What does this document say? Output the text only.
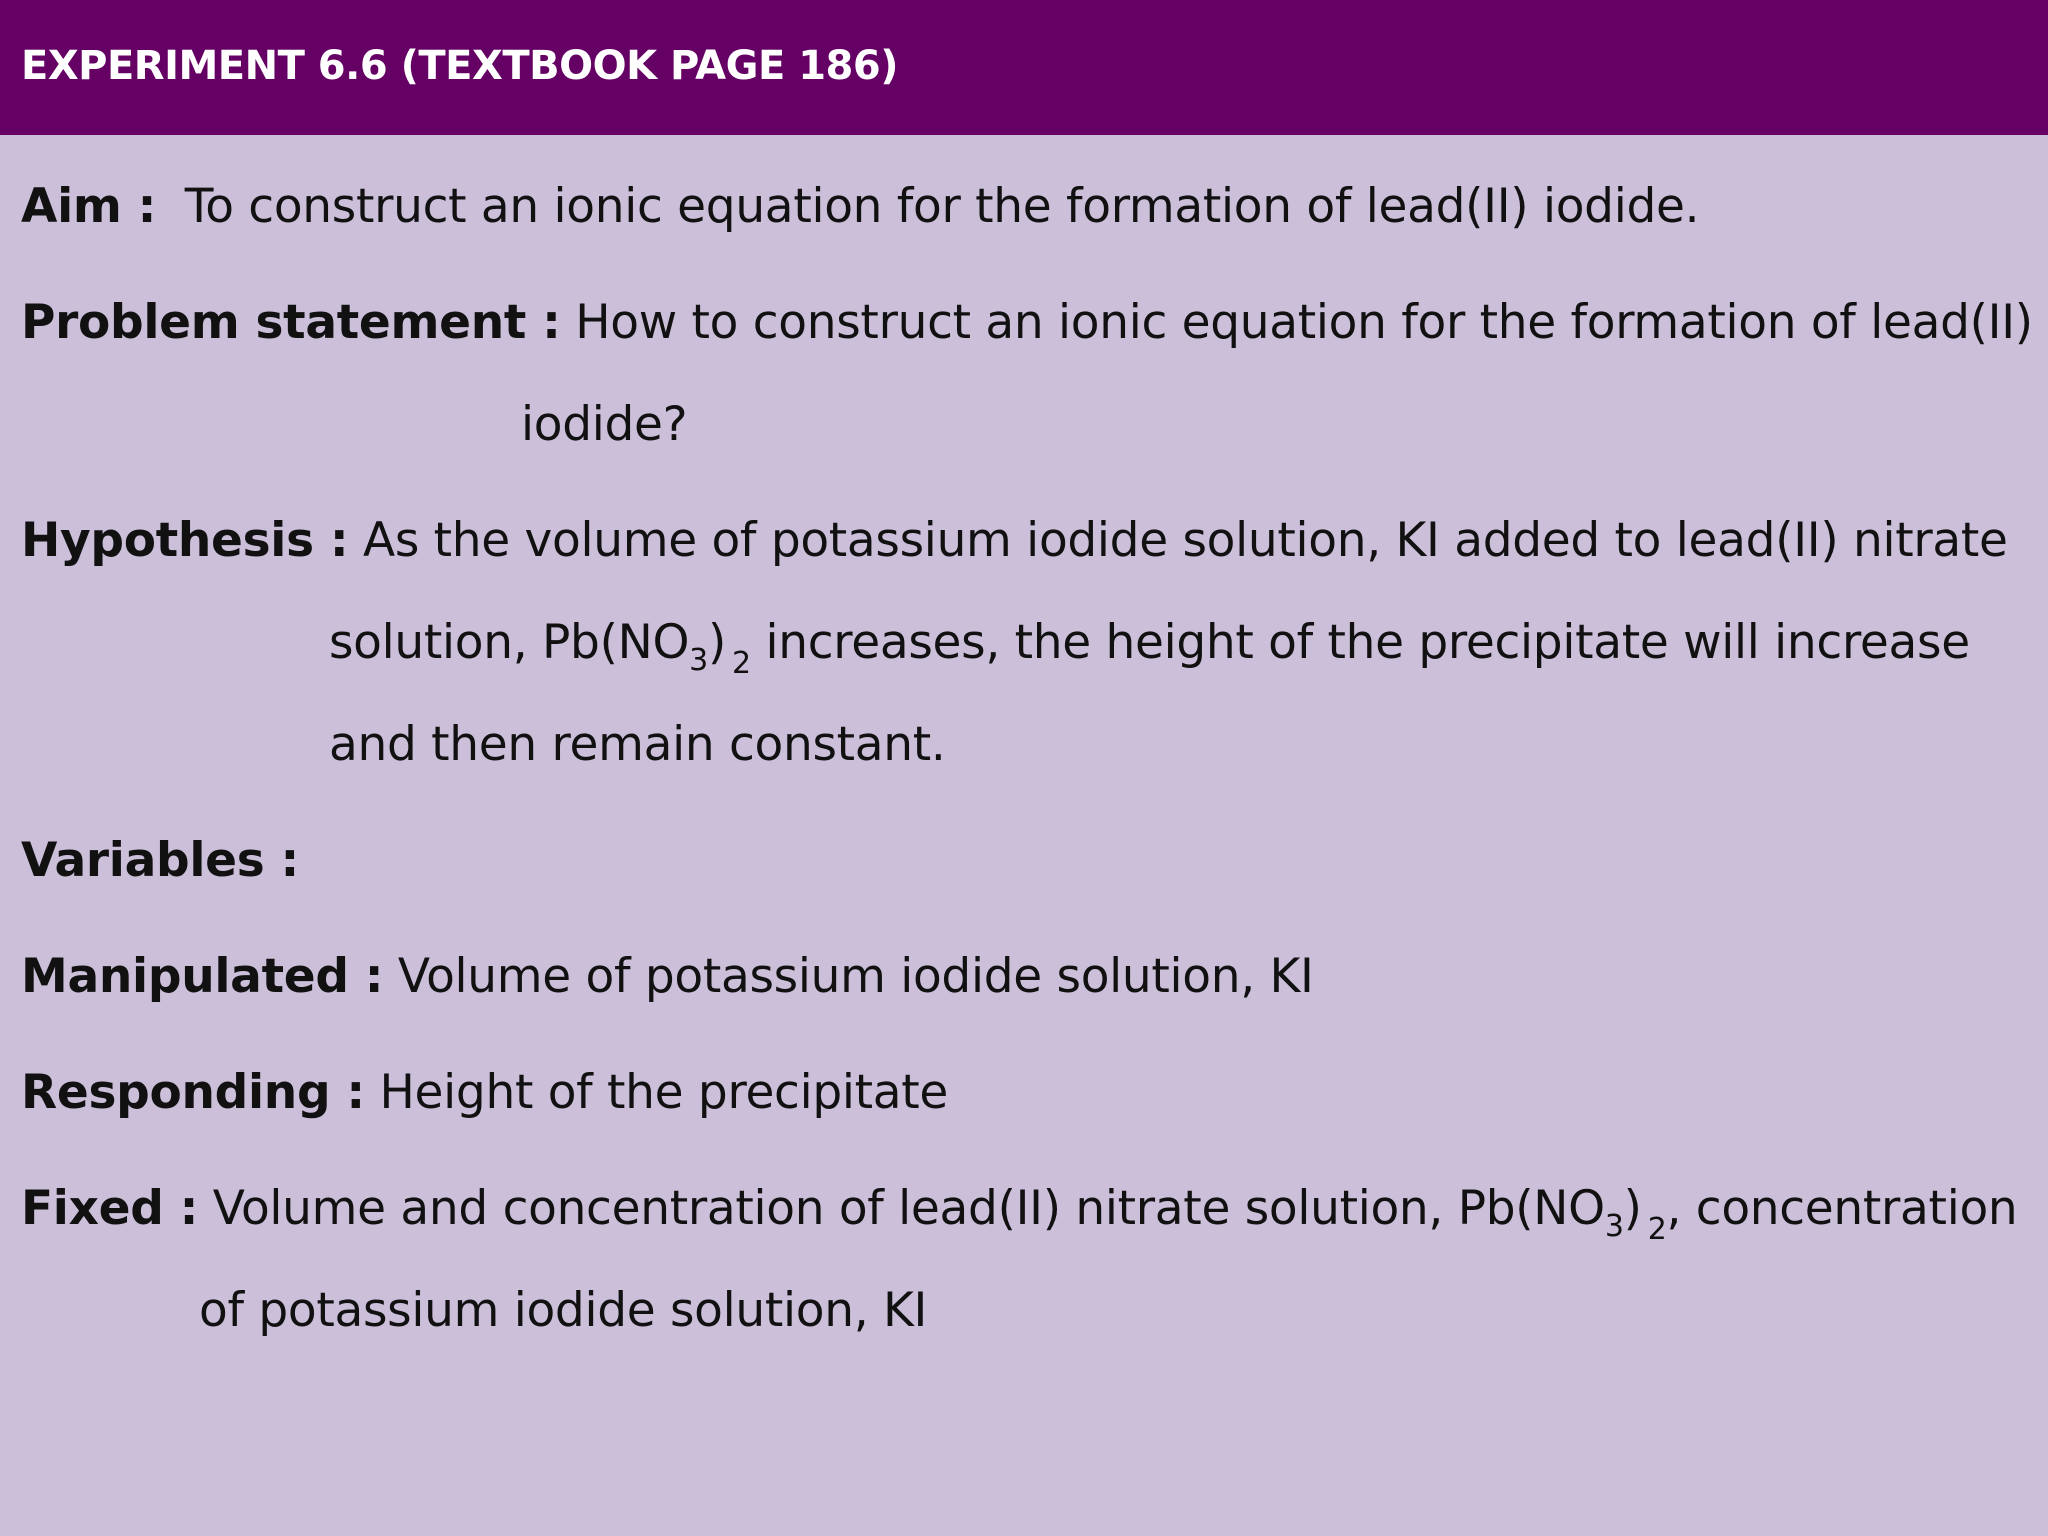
EXPERIMENT 6.6 (TEXTBOOK PAGE 186)
Aim : To construct an ionic equation for the formation of lead(II) iodide.
Problem statement : How to construct an ionic equation for the formation of lead(II)
iodide?
Hypothesis : As the volume of potassium iodide solution, KI added to lead(II) nitrate
solution, $Pb(NO_3)$ $_2$ increases, the height of the precipitate will increase
and then remain constant.
Variables :
Manipulated : Volume of potassium iodide solution, KI
Responding : Height of the precipitate
Fixed : Volume and concentration of lead(II) nitrate solution, $Pb(NO_3)$ $_2$, concentration
of potassium iodide solution, KI
